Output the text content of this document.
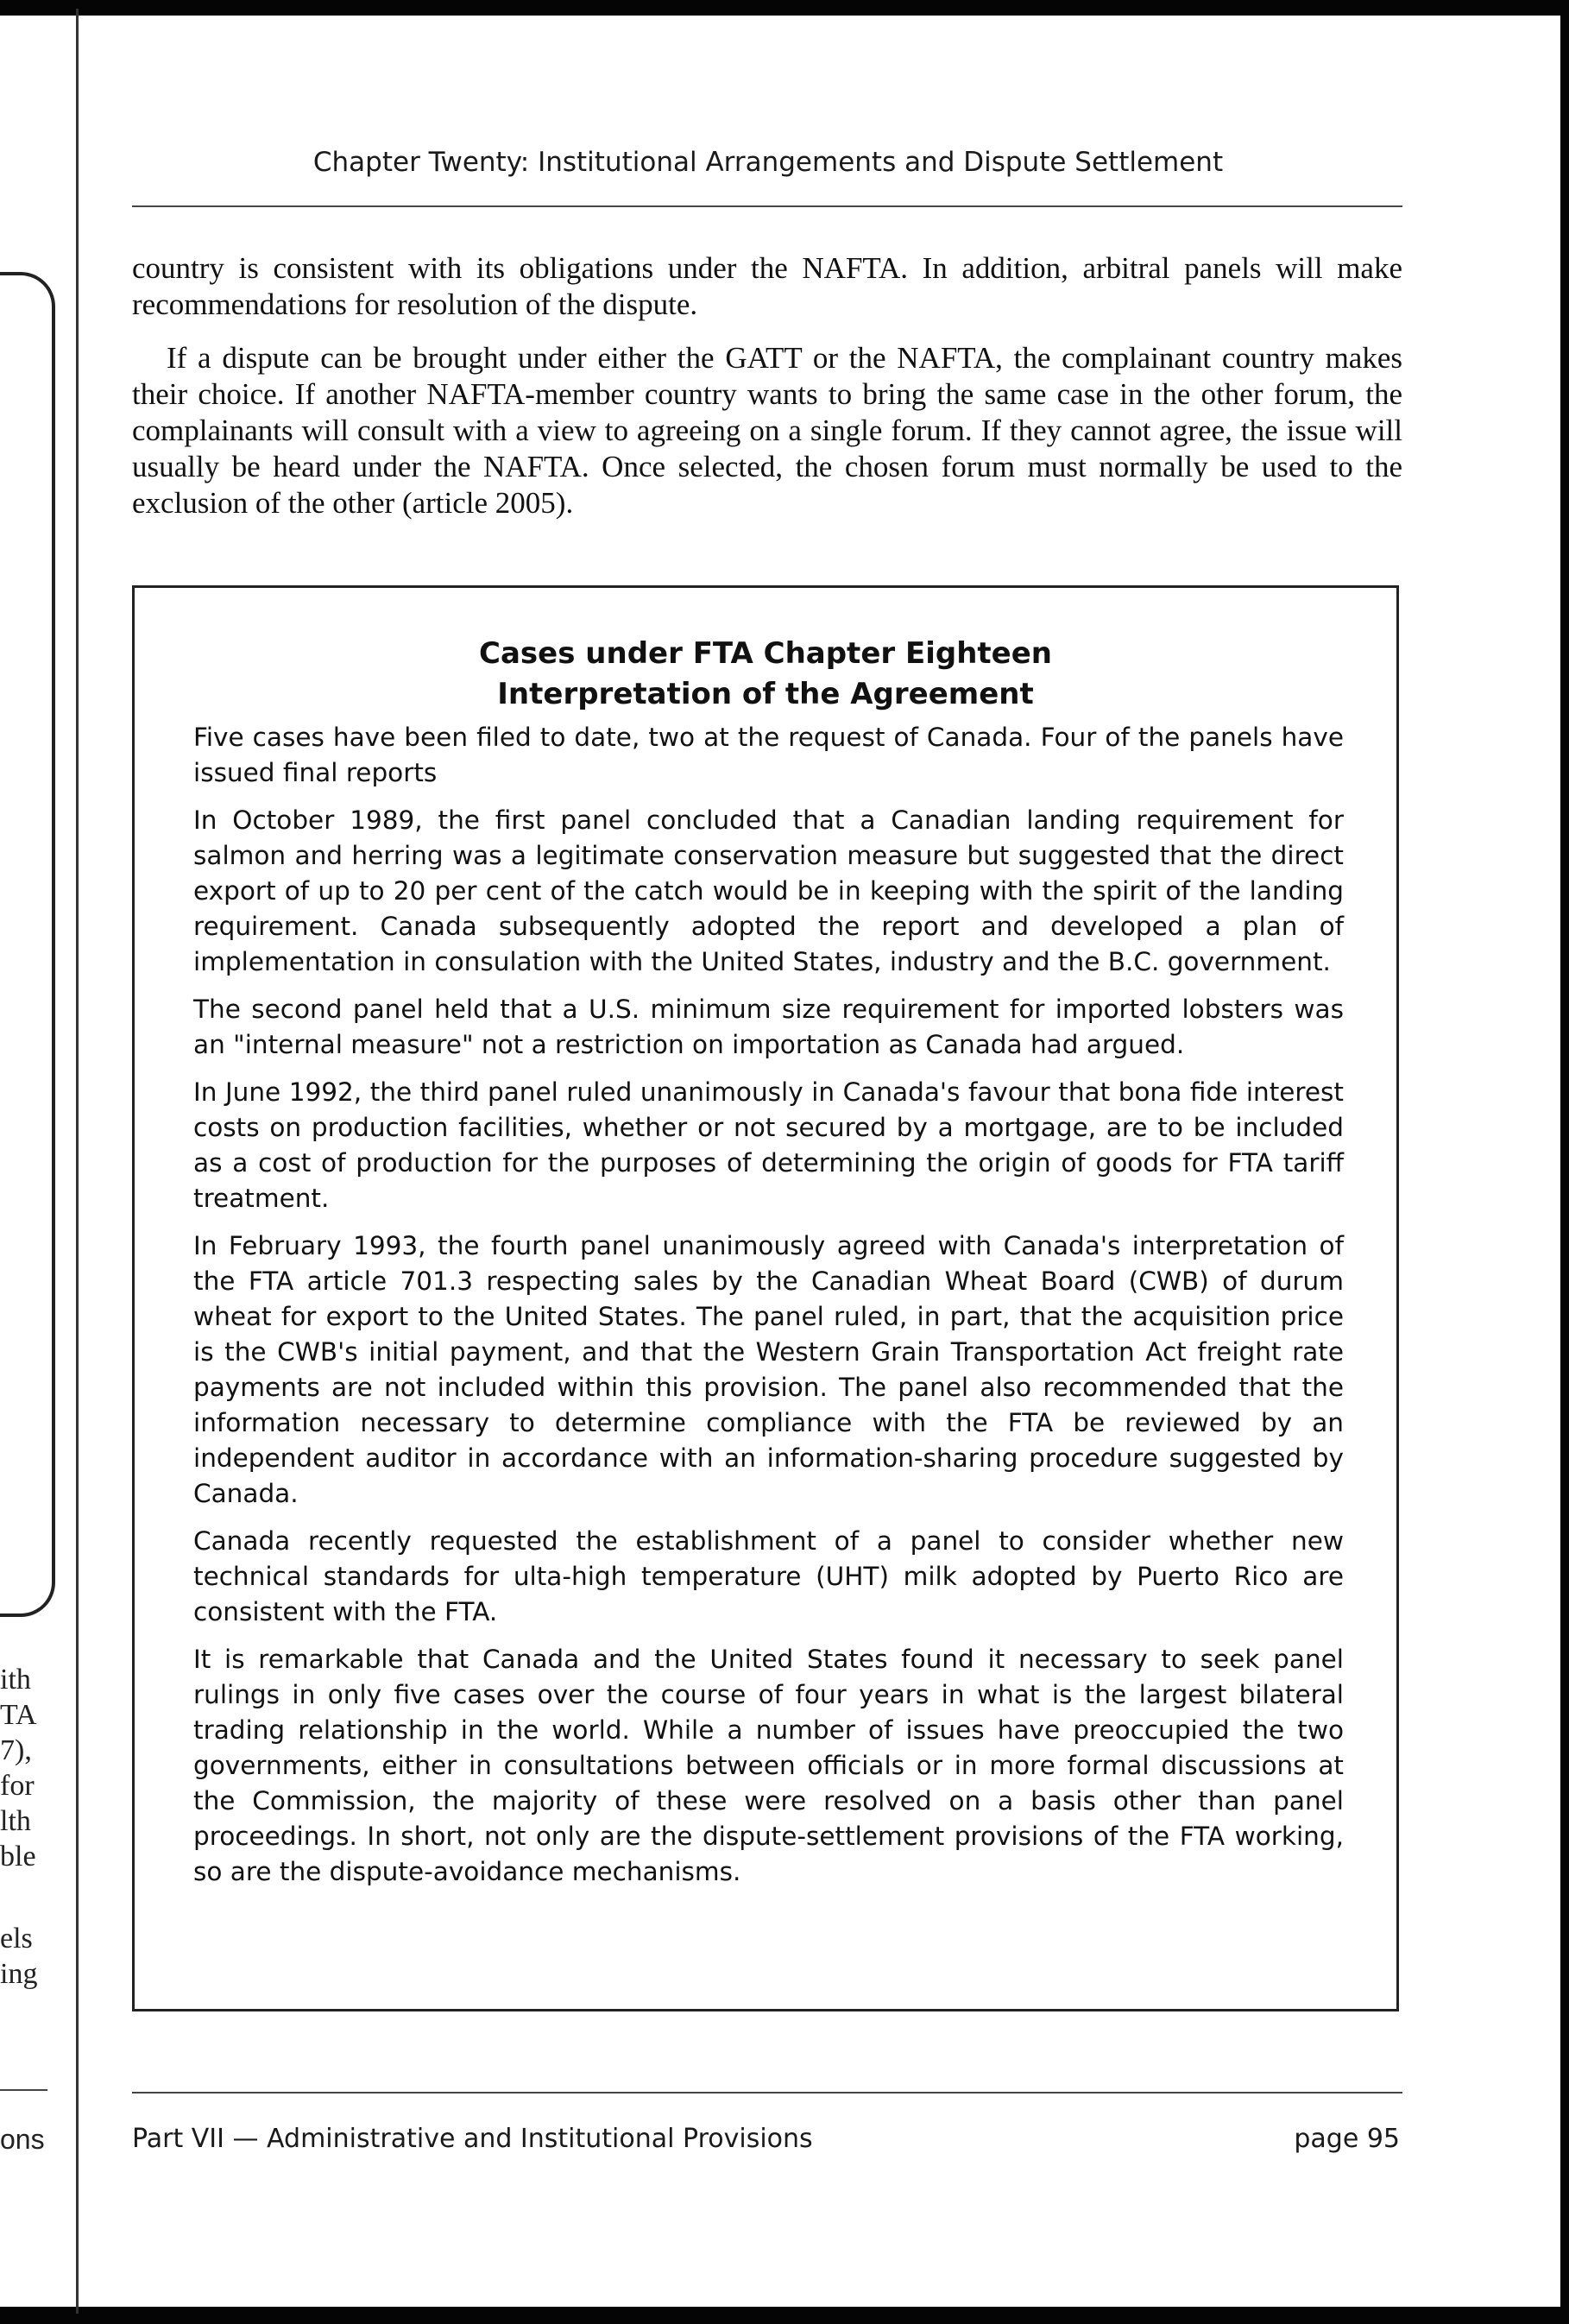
ith
TA
7),
for
lth
ble
els
ing
ons
Chapter Twenty: Institutional Arrangements and Dispute Settlement

country is consistent with its obligations under the NAFTA. In addition, arbitral panels will make recommendations for resolution of the dispute.

If a dispute can be brought under either the GATT or the NAFTA, the complainant country makes their choice. If another NAFTA-member country wants to bring the same case in the other forum, the complainants will consult with a view to agreeing on a single forum. If they cannot agree, the issue will usually be heard under the NAFTA. Once selected, the chosen forum must normally be used to the exclusion of the other (article 2005).

Cases under FTA Chapter Eighteen
Interpretation of the Agreement

Five cases have been filed to date, two at the request of Canada. Four of the panels have issued final reports

In October 1989, the first panel concluded that a Canadian landing requirement for salmon and herring was a legitimate conservation measure but suggested that the direct export of up to 20 per cent of the catch would be in keeping with the spirit of the landing requirement. Canada subsequently adopted the report and developed a plan of implementation in consulation with the United States, industry and the B.C. government.

The second panel held that a U.S. minimum size requirement for imported lobsters was an "internal measure" not a restriction on importation as Canada had argued.

In June 1992, the third panel ruled unanimously in Canada's favour that bona fide interest costs on production facilities, whether or not secured by a mortgage, are to be included as a cost of production for the purposes of determining the origin of goods for FTA tariff treatment.

In February 1993, the fourth panel unanimously agreed with Canada's interpretation of the FTA article 701.3 respecting sales by the Canadian Wheat Board (CWB) of durum wheat for export to the United States. The panel ruled, in part, that the acquisition price is the CWB's initial payment, and that the Western Grain Transportation Act freight rate payments are not included within this provision. The panel also recommended that the information necessary to determine compliance with the FTA be reviewed by an independent auditor in accordance with an information-sharing procedure suggested by Canada.

Canada recently requested the establishment of a panel to consider whether new technical standards for ulta-high temperature (UHT) milk adopted by Puerto Rico are consistent with the FTA.

It is remarkable that Canada and the United States found it necessary to seek panel rulings in only five cases over the course of four years in what is the largest bilateral trading relationship in the world. While a number of issues have preoccupied the two governments, either in consultations between officials or in more formal discussions at the Commission, the majority of these were resolved on a basis other than panel proceedings. In short, not only are the dispute-settlement provisions of the FTA working, so are the dispute-avoidance mechanisms.

Part VII — Administrative and Institutional Provisions	page 95
